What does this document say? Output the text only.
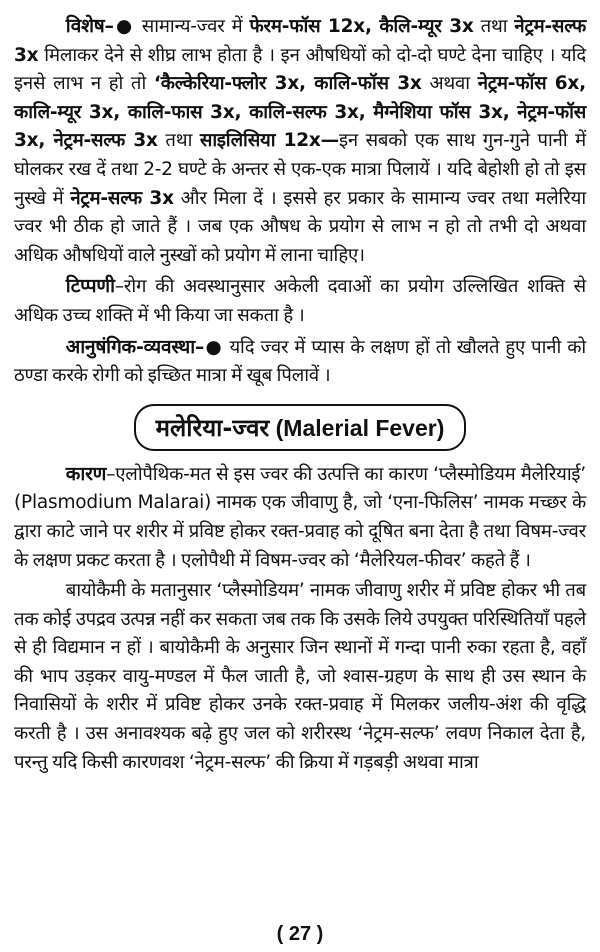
विशेष–● सामान्य-ज्वर में फेरम-फॉस 12x, कैलि-म्यूर 3x तथा नेट्रम-सल्फ 3x मिलाकर देने से शीघ्र लाभ होता है । इन औषधियों को दो-दो घण्टे देना चाहिए । यदि इनसे लाभ न हो तो ‘कैल्केरिया-फ्लोर 3x, कालि-फॉस 3x अथवा नेट्रम-फॉस 6x, कालि-म्यूर 3x, कालि-फास 3x, कालि-सल्फ 3x, मैग्नेशिया फॉस 3x, नेट्रम-फॉस 3x, नेट्रम-सल्फ 3x तथा साइलिसिया 12x—इन सबको एक साथ गुन-गुने पानी में घोलकर रख दें तथा 2-2 घण्टे के अन्तर से एक-एक मात्रा पिलायें । यदि बेहोशी हो तो इस नुस्खे में नेट्रम-सल्फ 3x और मिला दें । इससे हर प्रकार के सामान्य ज्वर तथा मलेरिया ज्वर भी ठीक हो जाते हैं । जब एक औषध के प्रयोग से लाभ न हो तो तभी दो अथवा अधिक औषधियों वाले नुस्खों को प्रयोग में लाना चाहिए।

टिप्पणी–रोग की अवस्थानुसार अकेली दवाओं का प्रयोग उल्लिखित शक्ति से अधिक उच्च शक्ति में भी किया जा सकता है ।

आनुषंगिक-व्यवस्था–● यदि ज्वर में प्यास के लक्षण हों तो खौलते हुए पानी को ठण्डा करके रोगी को इच्छित मात्रा में खूब पिलावें ।

मलेरिया-ज्वर (Malerial Fever)

कारण–एलोपैथिक-मत से इस ज्वर की उत्पत्ति का कारण ‘प्लैस्मोडियम मैलेरियाई’ (Plasmodium Malarai) नामक एक जीवाणु है, जो ‘एना-फिलिस’ नामक मच्छर के द्वारा काटे जाने पर शरीर में प्रविष्ट होकर रक्त-प्रवाह को दूषित बना देता है तथा विषम-ज्वर के लक्षण प्रकट करता है । एलोपैथी में विषम-ज्वर को ‘मैलेरियल-फीवर’ कहते हैं ।

बायोकैमी के मतानुसार ‘प्लैस्मोडियम’ नामक जीवाणु शरीर में प्रविष्ट होकर भी तब तक कोई उपद्रव उत्पन्न नहीं कर सकता जब तक कि उसके लिये उपयुक्त परिस्थितियाँ पहले से ही विद्यमान न हों । बायोकैमी के अनुसार जिन स्थानों में गन्दा पानी रुका रहता है, वहाँ की भाप उड़कर वायु-मण्डल में फैल जाती है, जो श्वास-ग्रहण के साथ ही उस स्थान के निवासियों के शरीर में प्रविष्ट होकर उनके रक्त-प्रवाह में मिलकर जलीय-अंश की वृद्धि करती है । उस अनावश्यक बढ़े हुए जल को शरीरस्थ ‘नेट्रम-सल्फ’ लवण निकाल देता है, परन्तु यदि किसी कारणवश ‘नेट्रम-सल्फ’ की क्रिया में गड़बड़ी अथवा मात्रा

( 27 )
